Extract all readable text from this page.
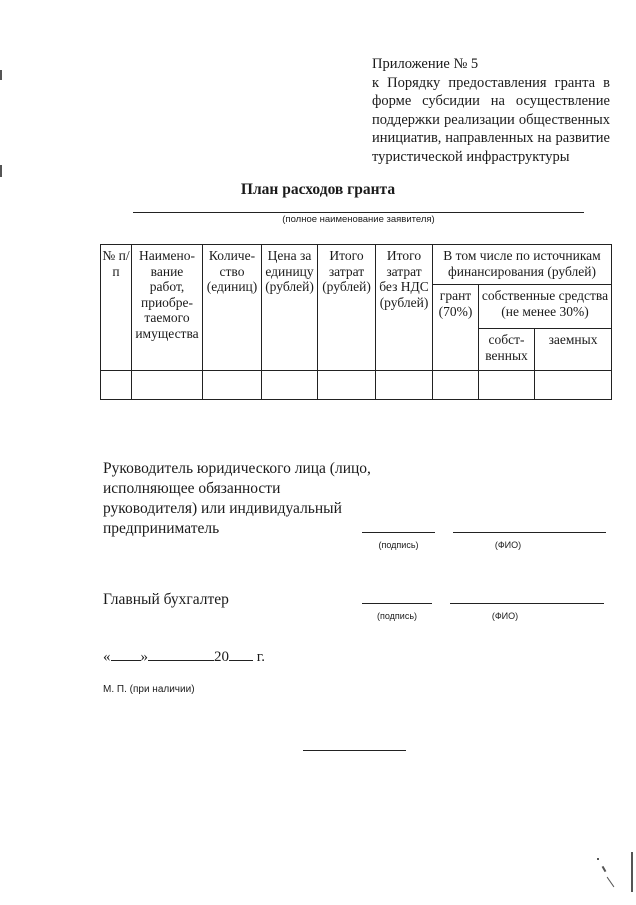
Приложение № 5
к Порядку предоставления гранта в форме субсидии на осуществление поддержки реализации общественных инициатив, направленных на развитие туристической инфраструктуры
План расходов гранта
(полное наименование заявителя)
№ п/п	Наимено-вание работ, приобре-таемого имущества	Количе-ство (единиц)	Цена за единицу (рублей)	Итого затрат (рублей)	Итого затрат без НДС (рублей)	В том числе по источникам финансирования (рублей)		
						грант (70%)	собственные средства (не менее 30%)	
							собст-венных	заемных

Руководитель юридического лица (лицо, исполняющее обязанности руководителя) или индивидуальный предприниматель
(подпись)	(ФИО)
Главный бухгалтер
(подпись)	(ФИО)
« »	20 г.
М. П. (при наличии)
